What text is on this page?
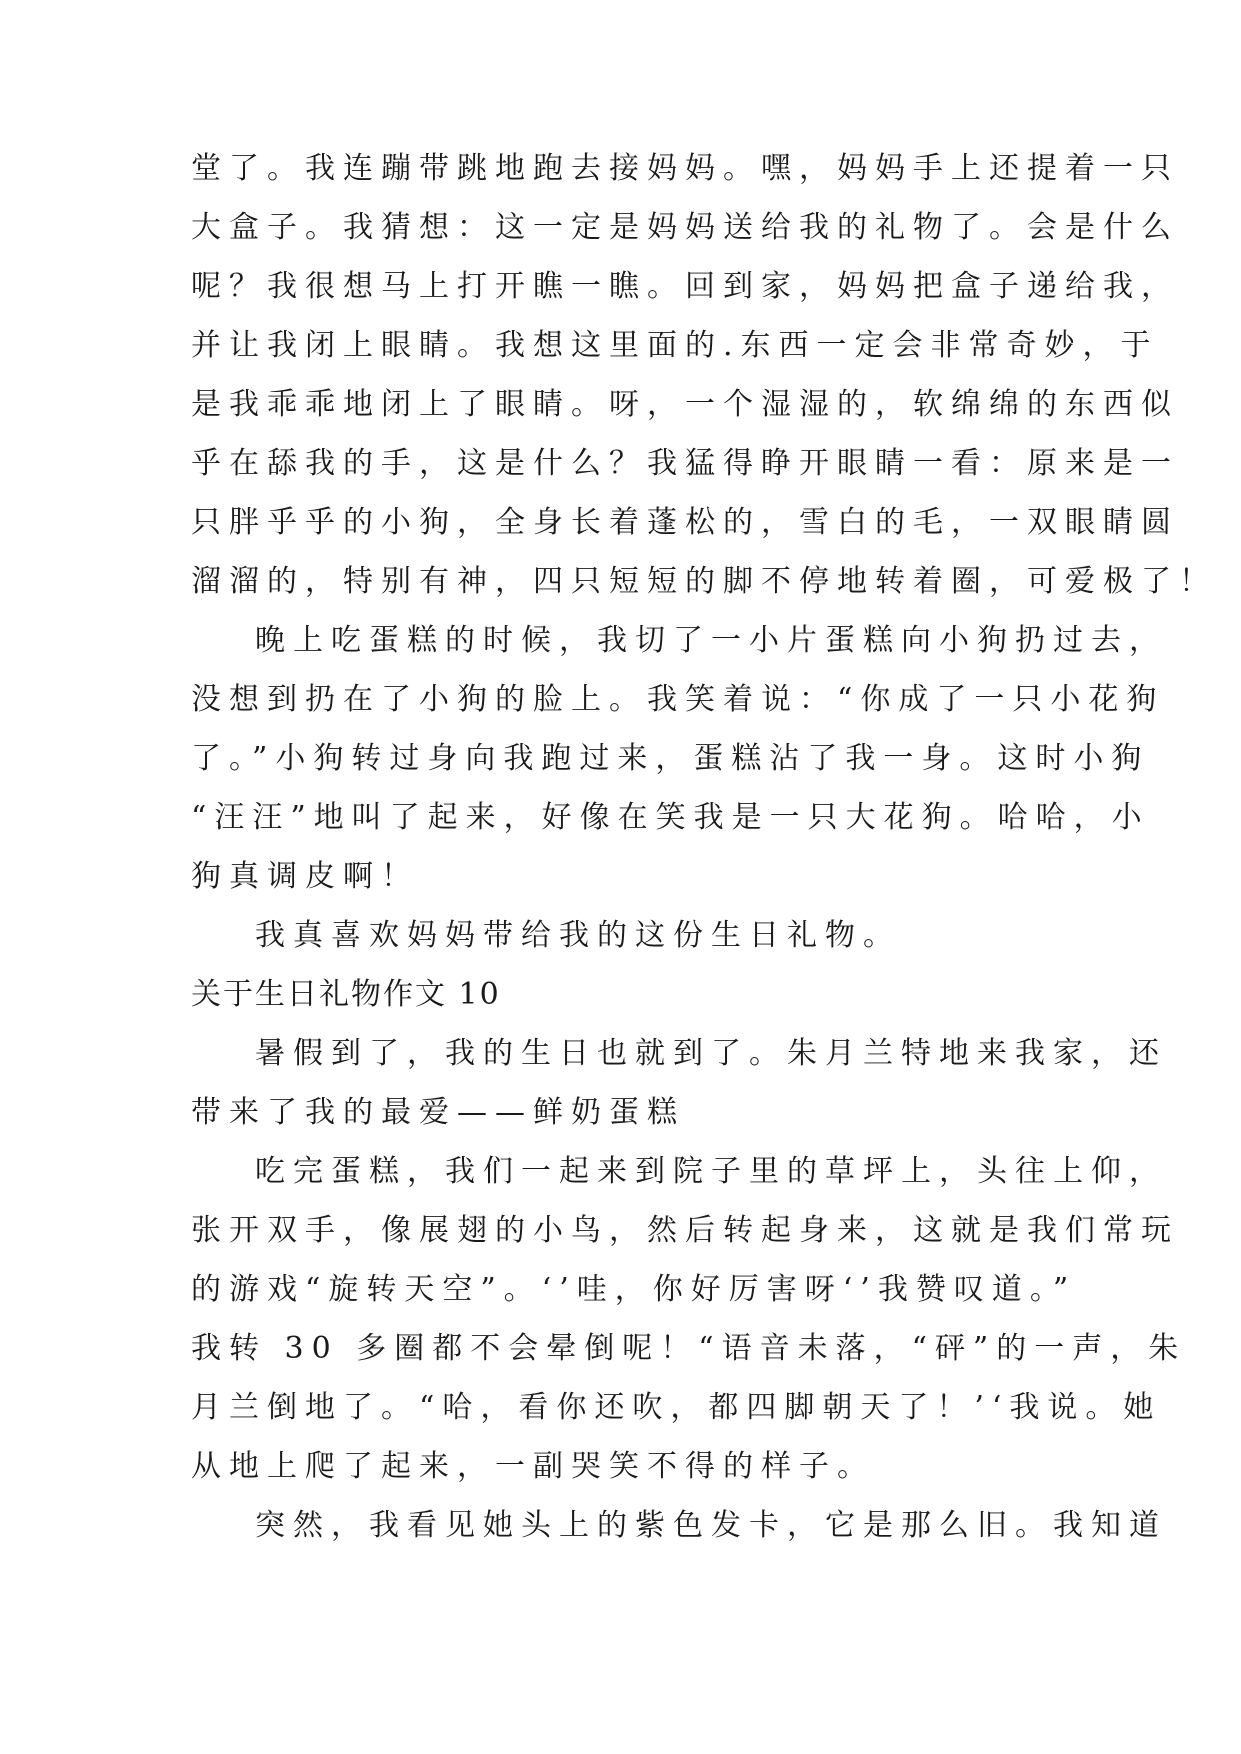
堂了。我连蹦带跳地跑去接妈妈。嘿，妈妈手上还提着一只
大盒子。我猜想：这一定是妈妈送给我的礼物了。会是什么
呢？我很想马上打开瞧一瞧。回到家，妈妈把盒子递给我，
并让我闭上眼睛。我想这里面的.东西一定会非常奇妙，于
是我乖乖地闭上了眼睛。呀，一个湿湿的，软绵绵的东西似
乎在舔我的手，这是什么？我猛得睁开眼睛一看：原来是一
只胖乎乎的小狗，全身长着蓬松的，雪白的毛，一双眼睛圆
溜溜的，特别有神，四只短短的脚不停地转着圈，可爱极了！
晚上吃蛋糕的时候，我切了一小片蛋糕向小狗扔过去，
没想到扔在了小狗的脸上。我笑着说：“你成了一只小花狗
了。”小狗转过身向我跑过来，蛋糕沾了我一身。这时小狗
“汪汪”地叫了起来，好像在笑我是一只大花狗。哈哈，小
狗真调皮啊！
我真喜欢妈妈带给我的这份生日礼物。
关于生日礼物作文 10
暑假到了，我的生日也就到了。朱月兰特地来我家，还
带来了我的最爱——鲜奶蛋糕
吃完蛋糕，我们一起来到院子里的草坪上，头往上仰，
张开双手，像展翅的小鸟，然后转起身来，这就是我们常玩
的游戏“旋转天空”。‘’哇，你好厉害呀‘’我赞叹道。”
我转 30 多圈都不会晕倒呢！“语音未落，“砰”的一声，朱
月兰倒地了。“哈，看你还吹，都四脚朝天了！’‘我说。她
从地上爬了起来，一副哭笑不得的样子。
突然，我看见她头上的紫色发卡，它是那么旧。我知道
